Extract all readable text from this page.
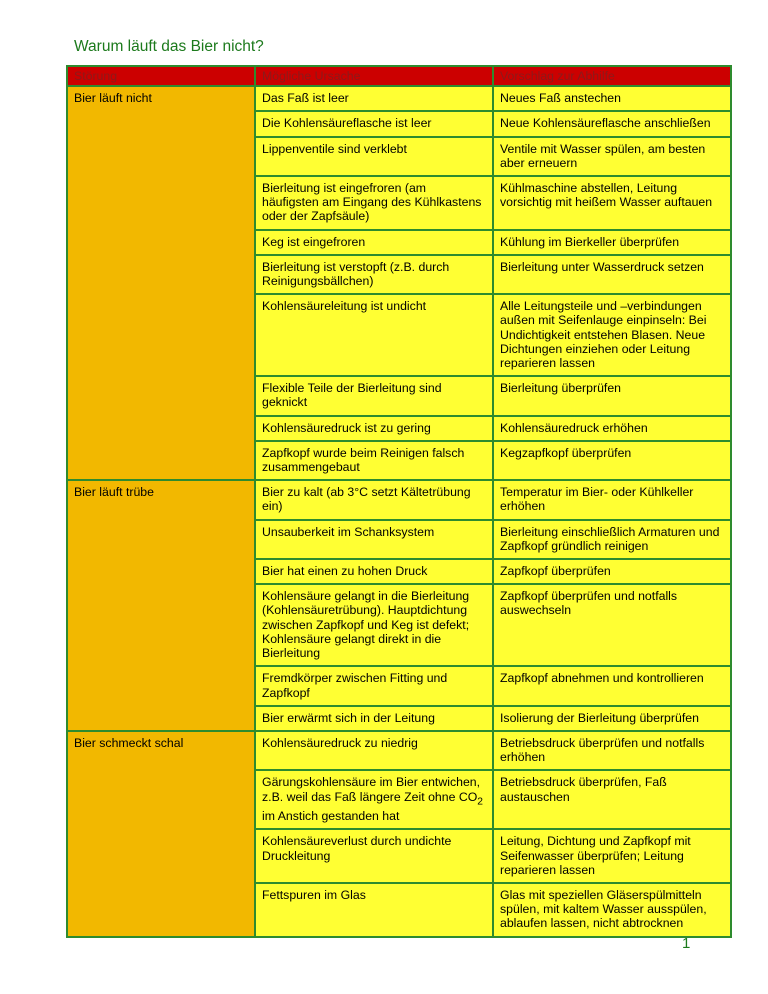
Warum läuft das Bier nicht?
Störung	Mögliche Ursache	Vorschlag zur Abhilfe
Bier läuft nicht	Das Faß ist leer	Neues Faß anstechen
	Die Kohlensäureflasche ist leer	Neue Kohlensäureflasche anschließen
	Lippenventile sind verklebt	Ventile mit Wasser spülen, am besten aber erneuern
	Bierleitung ist eingefroren (am häufigsten am Eingang des Kühlkastens oder der Zapfsäule)	Kühlmaschine abstellen, Leitung vorsichtig mit heißem Wasser auftauen
	Keg ist eingefroren	Kühlung im Bierkeller überprüfen
	Bierleitung ist verstopft (z.B. durch Reinigungsbällchen)	Bierleitung unter Wasserdruck setzen
	Kohlensäureleitung ist undicht	Alle Leitungsteile und –verbindungen außen mit Seifenlauge einpinseln: Bei Undichtigkeit entstehen Blasen. Neue Dichtungen einziehen oder Leitung reparieren lassen
	Flexible Teile der Bierleitung sind geknickt	Bierleitung überprüfen
	Kohlensäuredruck ist zu gering	Kohlensäuredruck erhöhen
	Zapfkopf wurde beim Reinigen falsch zusammengebaut	Kegzapfkopf überprüfen
Bier läuft trübe	Bier zu kalt (ab 3°C setzt Kältetrübung ein)	Temperatur im Bier- oder Kühlkeller erhöhen
	Unsauberkeit im Schanksystem	Bierleitung einschließlich Armaturen und Zapfkopf gründlich reinigen
	Bier hat einen zu hohen Druck	Zapfkopf überprüfen
	Kohlensäure gelangt in die Bierleitung (Kohlensäuretrübung). Hauptdichtung zwischen Zapfkopf und Keg ist defekt; Kohlensäure gelangt direkt in die Bierleitung	Zapfkopf überprüfen und notfalls auswechseln
	Fremdkörper zwischen Fitting und Zapfkopf	Zapfkopf abnehmen und kontrollieren
	Bier erwärmt sich in der Leitung	Isolierung der Bierleitung überprüfen
Bier schmeckt schal	Kohlensäuredruck zu niedrig	Betriebsdruck überprüfen und notfalls erhöhen
	Gärungskohlensäure im Bier entwichen, z.B. weil das Faß längere Zeit ohne $CO_2$ im Anstich gestanden hat	Betriebsdruck überprüfen, Faß austauschen
	Kohlensäureverlust durch undichte Druckleitung	Leitung, Dichtung und Zapfkopf mit Seifenwasser überprüfen; Leitung reparieren lassen
	Fettspuren im Glas	Glas mit speziellen Gläserspülmitteln spülen, mit kaltem Wasser ausspülen, ablaufen lassen, nicht abtrocknen
1
